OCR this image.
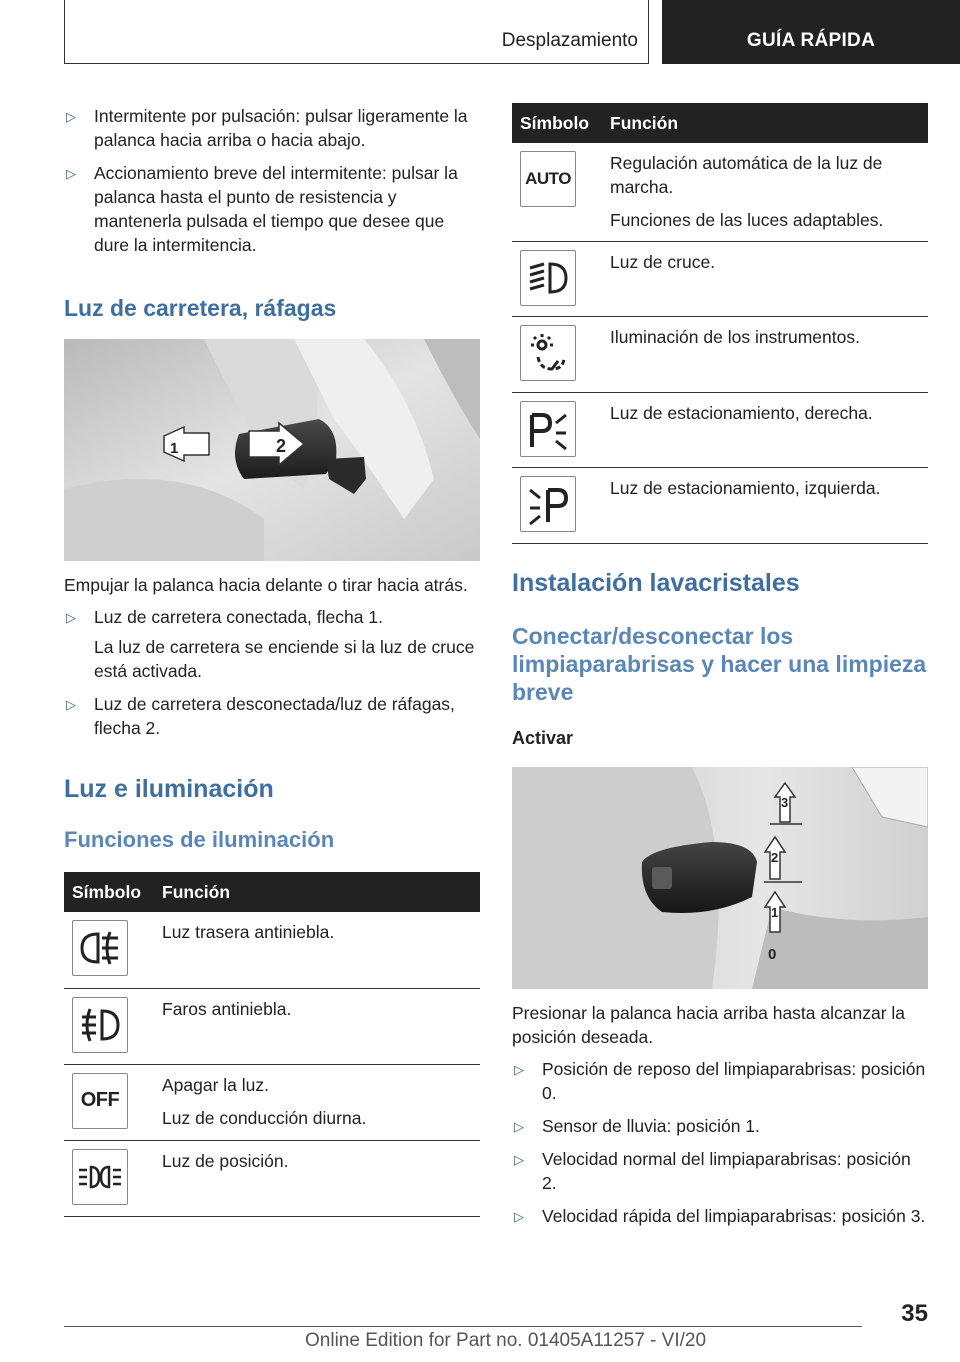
Desplazamiento	GUÍA RÁPIDA
▷ Intermitente por pulsación: pulsar ligeramente la palanca hacia arriba o hacia abajo.
▷ Accionamiento breve del intermitente: pulsar la palanca hasta el punto de resistencia y mantenerla pulsada el tiempo que desee que dure la intermitencia.
Luz de carretera, ráfagas
1	2

Empujar la palanca hacia delante o tirar hacia atrás.

▷ Luz de carretera conectada, flecha 1.
La luz de carretera se enciende si la luz de cruce está activada.
▷ Luz de carretera desconectada/luz de ráfagas, flecha 2.
Luz e iluminación
Funciones de iluminación
Símbolo	Función

Luz trasera antiniebla.

Faros antiniebla.

OFF	Apagar la luz.
Luz de conducción diurna.

Luz de posición.
Símbolo	Función

AUTO	Regulación automática de la luz de marcha.
Funciones de las luces adaptables.

Luz de cruce.

Iluminación de los instrumentos.

Luz de estacionamiento, derecha.

Luz de estacionamiento, izquierda.
Instalación lavacristales
Conectar/desconectar los limpiaparabrisas y hacer una limpieza breve
Activar
3
2
1
0

Presionar la palanca hacia arriba hasta alcanzar la posición deseada.

▷ Posición de reposo del limpiaparabrisas: posición 0.
▷ Sensor de lluvia: posición 1.
▷ Velocidad normal del limpiaparabrisas: posición 2.
▷ Velocidad rápida del limpiaparabrisas: posición 3.
35
Online Edition for Part no. 01405A11257 - VI/20
